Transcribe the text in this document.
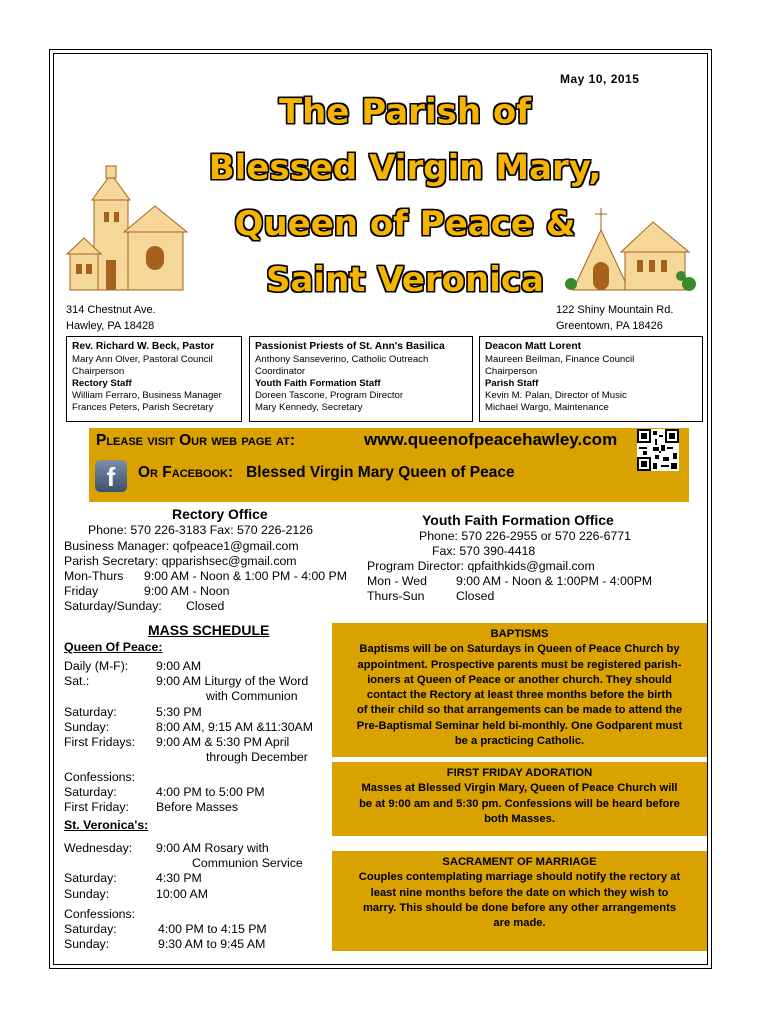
May 10, 2015
The Parish of
Blessed Virgin Mary,
Queen of Peace &
Saint Veronica
314 Chestnut Ave.
Hawley, PA 18428
122 Shiny Mountain Rd.
Greentown, PA 18426
Rev. Richard W. Beck, Pastor
Mary Ann Olver, Pastoral Council
Chairperson
Rectory Staff
William Ferraro, Business Manager
Frances Peters, Parish Secretary
Passionist Priests of St. Ann's Basilica
Anthony Sanseverino, Catholic Outreach
Coordinator
Youth Faith Formation Staff
Doreen Tascone, Program Director
Mary Kennedy, Secretary
Deacon Matt Lorent
Maureen Beilman, Finance Council
Chairperson
Parish Staff
Kevin M. Palan, Director of Music
Michael Wargo, Maintenance
Please visit Our web page at:	www.queenofpeacehawley.com
f	Or Facebook: Blessed Virgin Mary Queen of Peace
Rectory Office
Phone: 570 226-3183 Fax: 570 226-2126
Business Manager: qofpeace1@gmail.com
Parish Secretary: qpparishsec@gmail.com
Mon-Thurs 9:00 AM - Noon & 1:00 PM - 4:00 PM
Friday	9:00 AM - Noon
Saturday/Sunday: Closed
Youth Faith Formation Office
Phone: 570 226-2955 or 570 226-6771
Fax: 570 390-4418
Program Director: qpfaithkids@gmail.com
Mon - Wed 9:00 AM - Noon & 1:00PM - 4:00PM
Thurs-Sun	Closed
MASS SCHEDULE
Queen Of Peace:
St. Veronica's:
BAPTISMS
Baptisms will be on Saturdays in Queen of Peace Church by
appointment. Prospective parents must be registered parish-
ioners at Queen of Peace or another church. They should
contact the Rectory at least three months before the birth
of their child so that arrangements can be made to attend the
Pre-Baptismal Seminar held bi-monthly. One Godparent must
be a practicing Catholic.
FIRST FRIDAY ADORATION
Masses at Blessed Virgin Mary, Queen of Peace Church will
be at 9:00 am and 5:30 pm. Confessions will be heard before
both Masses.
SACRAMENT OF MARRIAGE
Couples contemplating marriage should notify the rectory at
least nine months before the date on which they wish to
marry. This should be done before any other arrangements
are made.
Daily (M-F): 9:00 AM
Sat.:	9:00 AM Liturgy of the Word
with Communion
Saturday:	5:30 PM
Sunday:	8:00 AM, 9:15 AM &11:30AM
First Fridays: 9:00 AM & 5:30 PM April
through December
Confessions:
Saturday:	4:00 PM to 5:00 PM
First Friday: Before Masses
Wednesday: 9:00 AM Rosary with
Communion Service
Saturday:	4:30 PM
Sunday:	10:00 AM
Confessions:
Saturday:	4:00 PM to 4:15 PM
Sunday:	9:30 AM to 9:45 AM
